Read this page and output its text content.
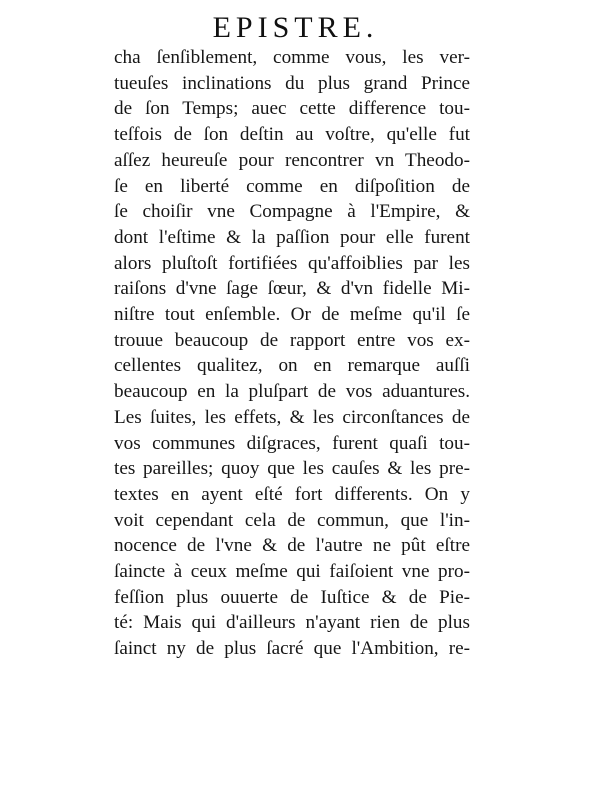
EPISTRE.
cha ſenſiblement, comme vous, les ver-
tueuſes inclinations du plus grand Prince
de ſon Temps; auec cette difference tou-
teſfois de ſon deſtin au voſtre, qu'elle fut
aſſez heureuſe pour rencontrer vn Theodo-
ſe en liberté comme en diſpoſition de
ſe choiſir vne Compagne à l'Empire, &
dont l'eſtime & la paſſion pour elle furent
alors pluſtoſt fortifiées qu'affoiblies par les
raiſons d'vne ſage ſœur, & d'vn fidelle Mi-
niſtre tout enſemble. Or de meſme qu'il ſe
trouue beaucoup de rapport entre vos ex-
cellentes qualitez, on en remarque auſſi
beaucoup en la pluſpart de vos aduantures.
Les ſuites, les effets, & les circonſtances de
vos communes diſgraces, furent quaſi tou-
tes pareilles; quoy que les cauſes & les pre-
textes en ayent eſté fort differents. On y
voit cependant cela de commun, que l'in-
nocence de l'vne & de l'autre ne pût eſtre
ſaincte à ceux meſme qui faiſoient vne pro-
feſſion plus ouuerte de Iuſtice & de Pie-
té: Mais qui d'ailleurs n'ayant rien de plus
ſainct ny de plus ſacré que l'Ambition, re-
